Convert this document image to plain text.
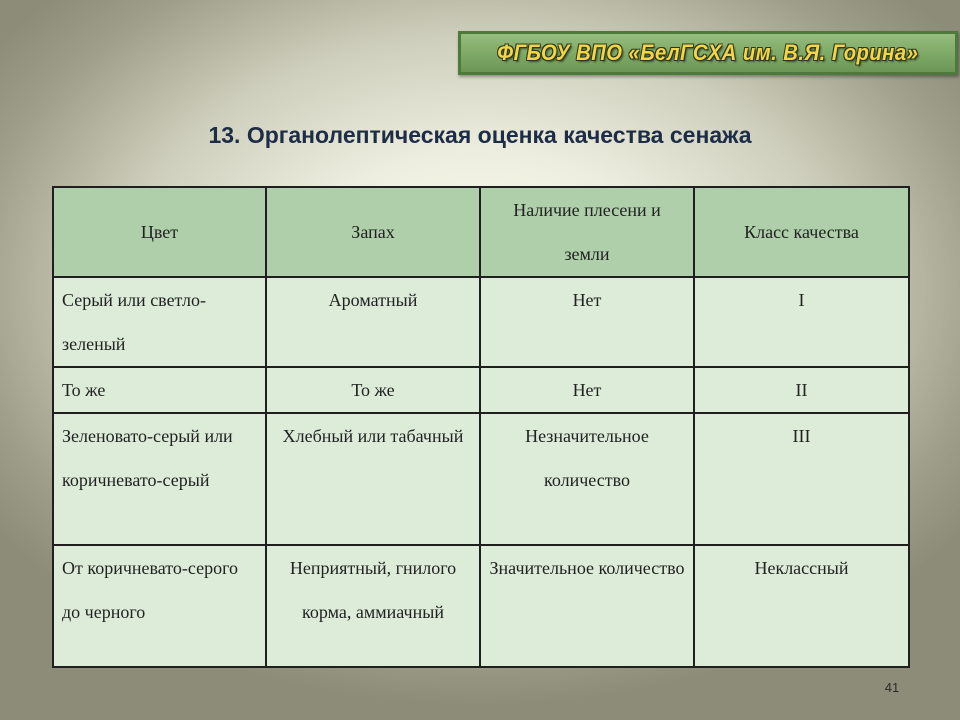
ФГБОУ ВПО «БелГСХА им. В.Я. Горина»
13. Органолептическая оценка качества сенажа
Цвет	Запах	Наличие плесени и земли	Класс качества
Серый или светло-зеленый	Ароматный	Нет	I
То же	То же	Нет	II
Зеленовато-серый или коричневато-серый	Хлебный или табачный	Незначительное количество	III
От коричневато-серого до черного	Неприятный, гнилого корма, аммиачный	Значительное количество	Неклассный
41
